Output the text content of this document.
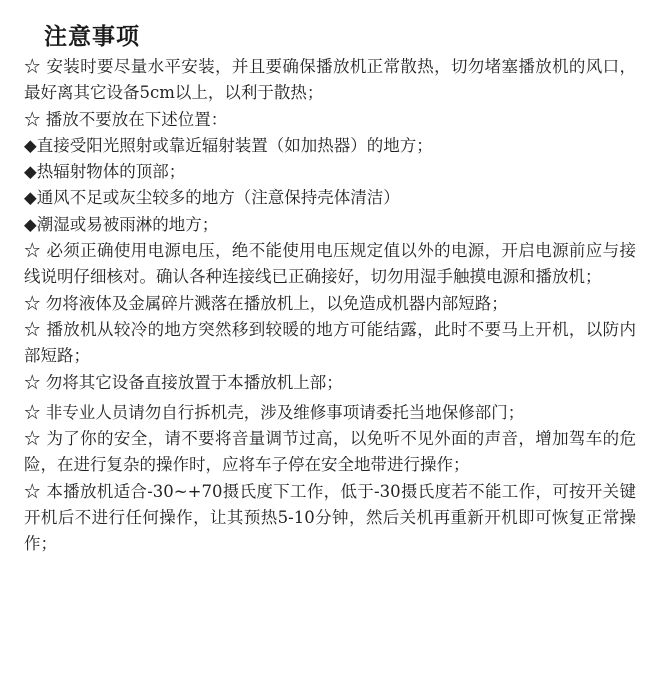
注意事项

☆ 安装时要尽量水平安装，并且要确保播放机正常散热，切勿堵塞播放机的风口，最好离其它设备5cm以上，以利于散热；

☆ 播放不要放在下述位置：

◆直接受阳光照射或靠近辐射装置（如加热器）的地方；

◆热辐射物体的顶部；

◆通风不足或灰尘较多的地方（注意保持壳体清洁）

◆潮湿或易被雨淋的地方；

☆ 必须正确使用电源电压，绝不能使用电压规定值以外的电源，开启电源前应与接线说明仔细核对。确认各种连接线已正确接好，切勿用湿手触摸电源和播放机；

☆ 勿将液体及金属碎片溅落在播放机上，以免造成机器内部短路；

☆ 播放机从较冷的地方突然移到较暖的地方可能结露，此时不要马上开机，以防内部短路；

☆ 勿将其它设备直接放置于本播放机上部；

☆ 非专业人员请勿自行拆机壳，涉及维修事项请委托当地保修部门；

☆ 为了你的安全，请不要将音量调节过高，以免听不见外面的声音，增加驾车的危险，在进行复杂的操作时，应将车子停在安全地带进行操作；

☆ 本播放机适合-30~+70摄氏度下工作，低于-30摄氏度若不能工作，可按开关键开机后不进行任何操作，让其预热5-10分钟，然后关机再重新开机即可恢复正常操作；
